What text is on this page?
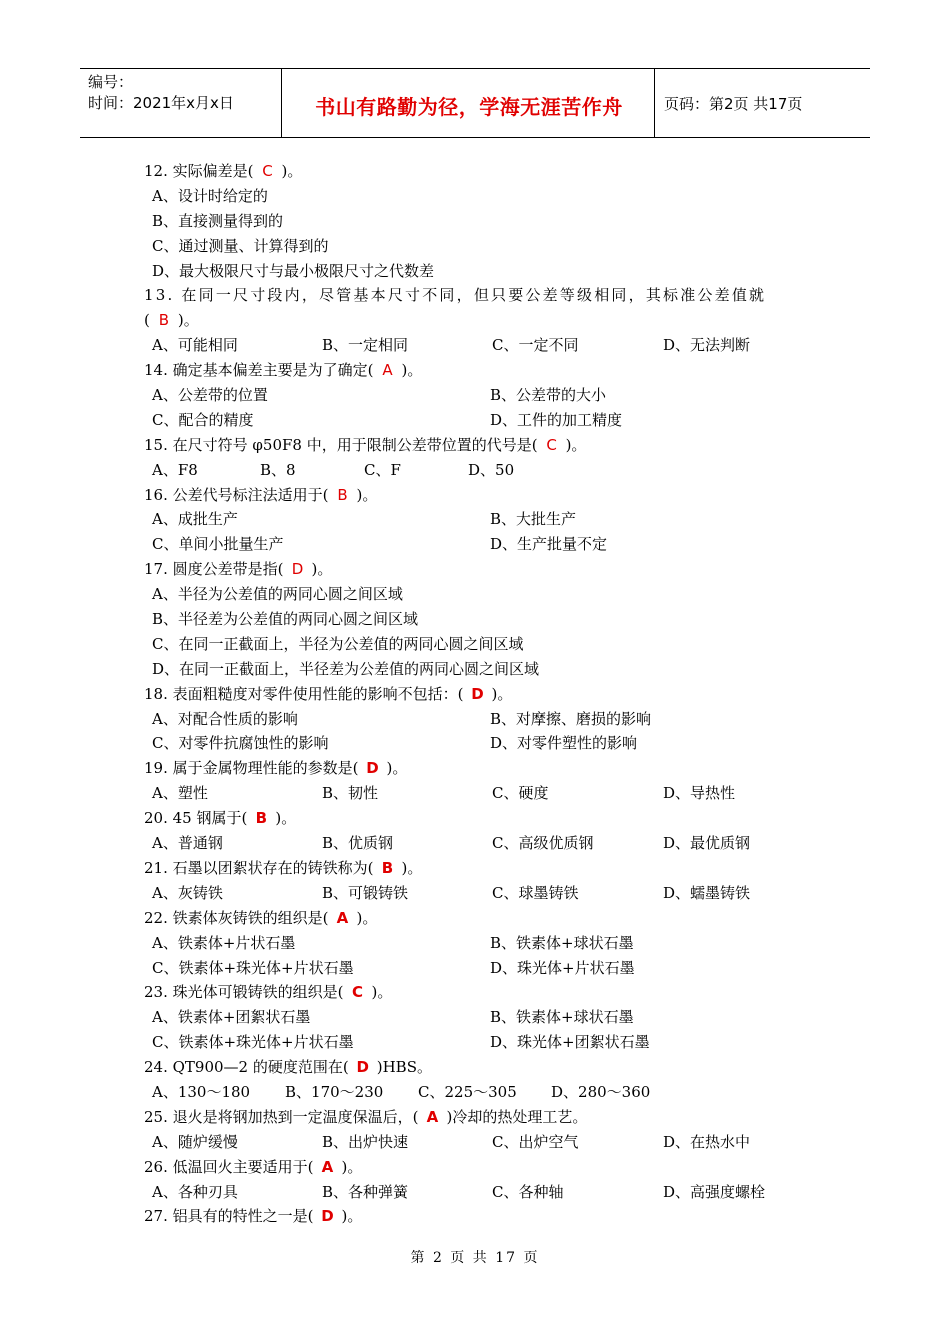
编号：
时间：2021年x月x日	书山有路勤为径，学海无涯苦作舟	页码：第2页 共17页
12. 实际偏差是( C )。
A、设计时给定的
B、直接测量得到的
C、通过测量、计算得到的
D、最大极限尺寸与最小极限尺寸之代数差
13. 在同一尺寸段内，尽管基本尺寸不同，但只要公差等级相同，其标准公差值就
( B )。
A、可能相同	B、一定相同	C、一定不同	D、无法判断
14. 确定基本偏差主要是为了确定( A )。
A、公差带的位置	B、公差带的大小
C、配合的精度	D、工件的加工精度
15. 在尺寸符号 φ50F8 中，用于限制公差带位置的代号是( C )。
A、F8	B、8	C、F	D、50
16. 公差代号标注法适用于( B )。
A、成批生产	B、大批生产
C、单间小批量生产	D、生产批量不定
17. 圆度公差带是指( D )。
A、半径为公差值的两同心圆之间区域
B、半径差为公差值的两同心圆之间区域
C、在同一正截面上，半径为公差值的两同心圆之间区域
D、在同一正截面上，半径差为公差值的两同心圆之间区域
18. 表面粗糙度对零件使用性能的影响不包括：( D )。
A、对配合性质的影响	B、对摩擦、磨损的影响
C、对零件抗腐蚀性的影响	D、对零件塑性的影响
19. 属于金属物理性能的参数是( D )。
A、塑性	B、韧性	C、硬度	D、导热性
20. 45 钢属于( B )。
A、普通钢	B、优质钢	C、高级优质钢	D、最优质钢
21. 石墨以团絮状存在的铸铁称为( B )。
A、灰铸铁	B、可锻铸铁	C、球墨铸铁	D、蠕墨铸铁
22. 铁素体灰铸铁的组织是( A )。
A、铁素体+片状石墨	B、铁素体+球状石墨
C、铁素体+珠光体+片状石墨	D、珠光体+片状石墨
23. 珠光体可锻铸铁的组织是( C )。
A、铁素体+团絮状石墨	B、铁素体+球状石墨
C、铁素体+珠光体+片状石墨	D、珠光体+团絮状石墨
24. QT900—2 的硬度范围在( D )HBS。
A、130～180 B、170～230 C、225～305 D、280～360
25. 退火是将钢加热到一定温度保温后，( A )冷却的热处理工艺。
A、随炉缓慢	B、出炉快速	C、出炉空气	D、在热水中
26. 低温回火主要适用于( A )。
A、各种刃具	B、各种弹簧	C、各种轴	D、高强度螺栓
27. 铝具有的特性之一是( D )。
第 2 页 共 17 页
